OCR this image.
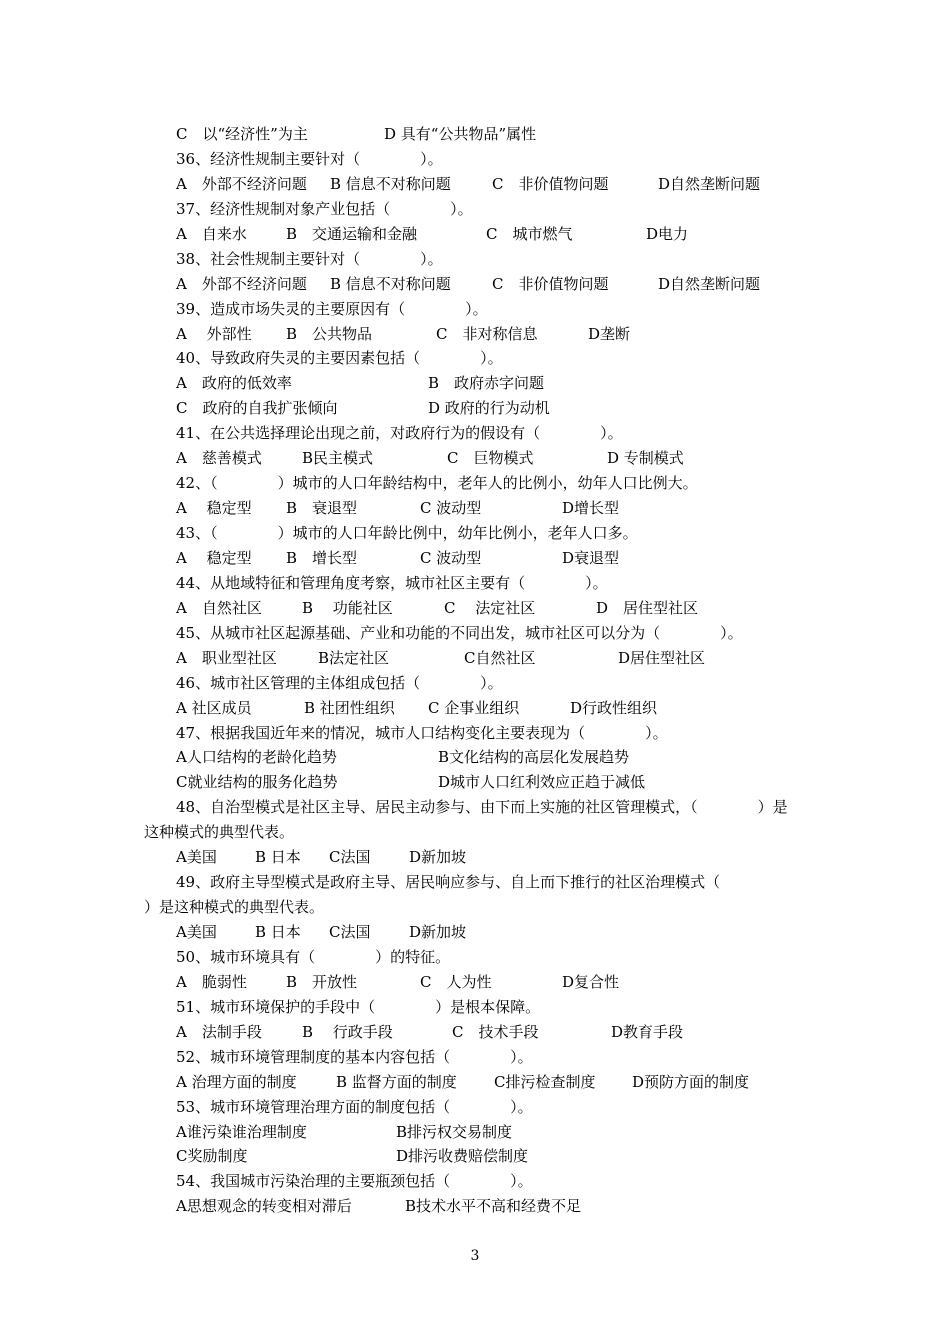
C　以“经济性”为主	D 具有“公共物品”属性
36、经济性规制主要针对（　　　　）。
A　外部不经济问题 B 信息不对称问题	C　非价值物问题	D自然垄断问题
37、经济性规制对象产业包括（　　　　）。
A　自来水	B　交通运输和金融	C　城市燃气	D电力
38、社会性规制主要针对（　　　　）。
A　外部不经济问题 B 信息不对称问题	C　非价值物问题	D自然垄断问题
39、造成市场失灵的主要原因有（　　　　）。
A　 外部性 B　公共物品	C　非对称信息	D垄断
40、导致政府失灵的主要因素包括（　　　　）。
A　政府的低效率	B　政府赤字问题
C　政府的自我扩张倾向	D 政府的行为动机
41、在公共选择理论出现之前，对政府行为的假设有（　　　　）。
A　慈善模式	B民主模式	C　巨物模式	D 专制模式
42、（　　　　）城市的人口年龄结构中，老年人的比例小，幼年人口比例大。
A　 稳定型 B　衰退型	C 波动型	D增长型
43、（　　　　）城市的人口年龄比例中，幼年比例小，老年人口多。
A　 稳定型 B　增长型	C 波动型	D衰退型
44、从地域特征和管理角度考察，城市社区主要有（　　　　）。
A　自然社区	B　 功能社区	C　 法定社区	D　居住型社区
45、从城市社区起源基础、产业和功能的不同出发，城市社区可以分为（　　　　）。
A　职业型社区	B法定社区	C自然社区	D居住型社区
46、城市社区管理的主体组成包括（　　　　）。
A 社区成员	B 社团性组织 C 企事业组织	D行政性组织
47、根据我国近年来的情况，城市人口结构变化主要表现为（　　　　）。
A人口结构的老龄化趋势	B文化结构的高层化发展趋势
C就业结构的服务化趋势	D城市人口红利效应正趋于减低
48、自治型模式是社区主导、居民主动参与、由下而上实施的社区管理模式，（　　　　）是
这种模式的典型代表。
A美国	B 日本 C法国	D新加坡
49、政府主导型模式是政府主导、居民响应参与、自上而下推行的社区治理模式（
）是这种模式的典型代表。
A美国	B 日本 C法国	D新加坡
50、城市环境具有（　　　　）的特征。
A　脆弱性	B　开放性	C　人为性	D复合性
51、城市环境保护的手段中（　　　　）是根本保障。
A　法制手段	B　 行政手段	C　技术手段	D教育手段
52、城市环境管理制度的基本内容包括（　　　　）。
A 治理方面的制度	B 监督方面的制度 C排污检查制度 D预防方面的制度
53、城市环境管理治理方面的制度包括（　　　　）。
A谁污染谁治理制度	B排污权交易制度
C奖励制度	D排污收费赔偿制度
54、我国城市污染治理的主要瓶颈包括（　　　　）。
A思想观念的转变相对滞后	B技术水平不高和经费不足
3
